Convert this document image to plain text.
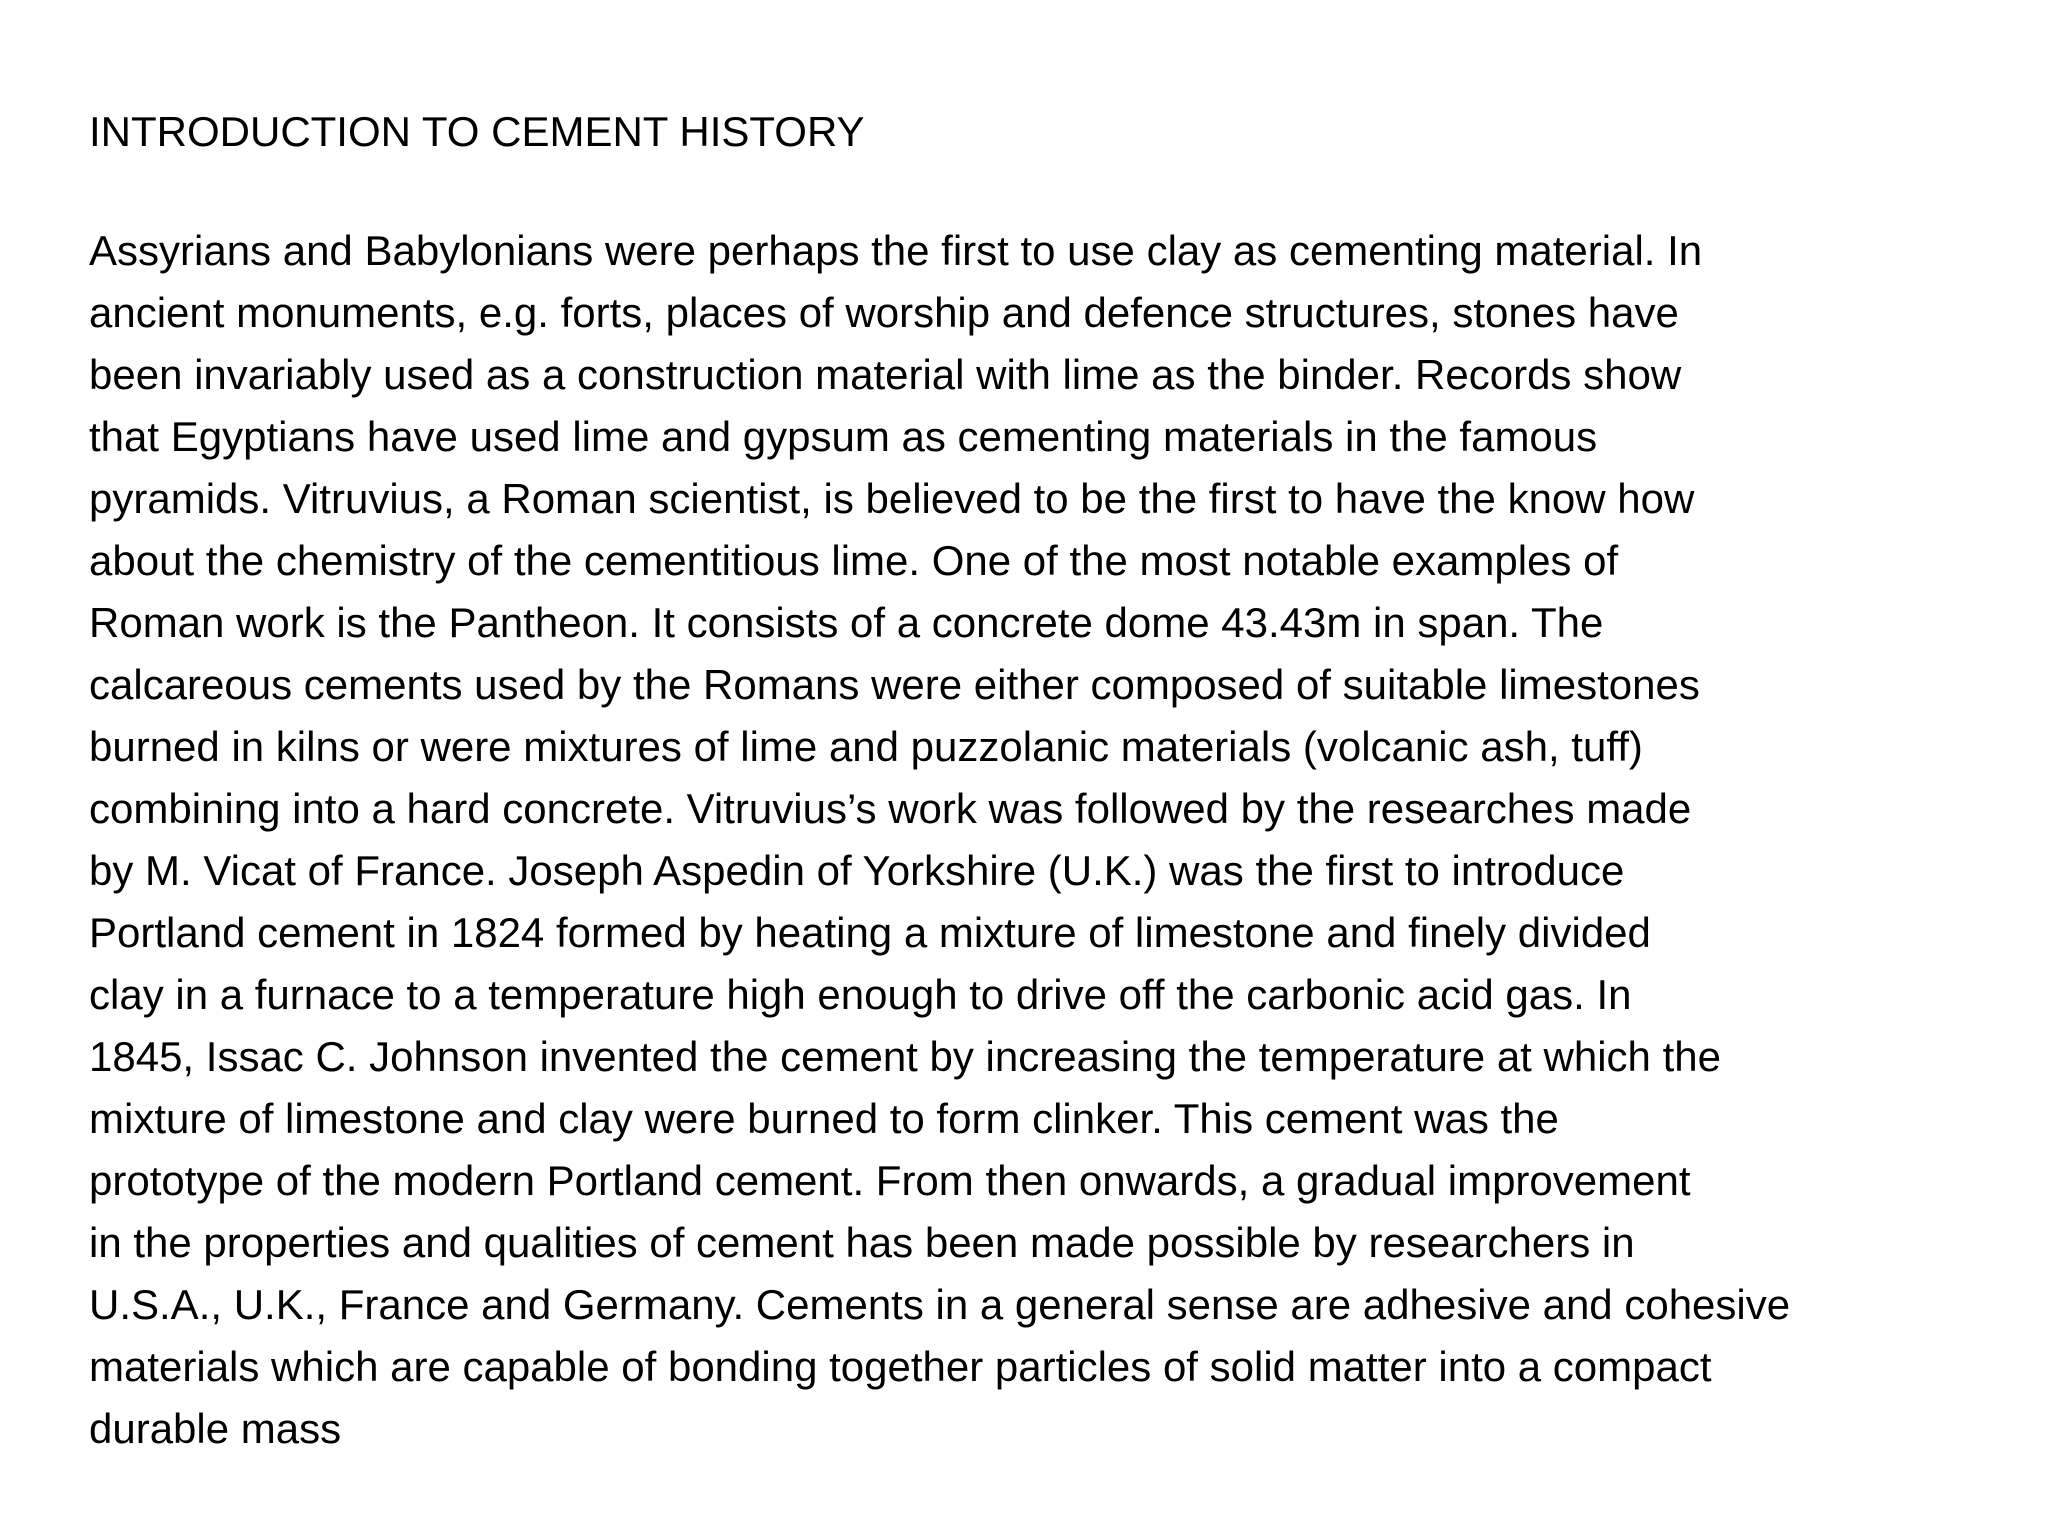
INTRODUCTION TO CEMENT HISTORY

Assyrians and Babylonians were perhaps the first to use clay as cementing material. In
ancient monuments, e.g. forts, places of worship and defence structures, stones have
been invariably used as a construction material with lime as the binder. Records show
that Egyptians have used lime and gypsum as cementing materials in the famous
pyramids. Vitruvius, a Roman scientist, is believed to be the first to have the know how
about the chemistry of the cementitious lime. One of the most notable examples of
Roman work is the Pantheon. It consists of a concrete dome 43.43m in span. The
calcareous cements used by the Romans were either composed of suitable limestones
burned in kilns or were mixtures of lime and puzzolanic materials (volcanic ash, tuff)
combining into a hard concrete. Vitruvius’s work was followed by the researches made
by M. Vicat of France. Joseph Aspedin of Yorkshire (U.K.) was the first to introduce
Portland cement in 1824 formed by heating a mixture of limestone and finely divided
clay in a furnace to a temperature high enough to drive off the carbonic acid gas. In
1845, Issac C. Johnson invented the cement by increasing the temperature at which the
mixture of limestone and clay were burned to form clinker. This cement was the
prototype of the modern Portland cement. From then onwards, a gradual improvement
in the properties and qualities of cement has been made possible by researchers in
U.S.A., U.K., France and Germany. Cements in a general sense are adhesive and cohesive
materials which are capable of bonding together particles of solid matter into a compact
durable mass
